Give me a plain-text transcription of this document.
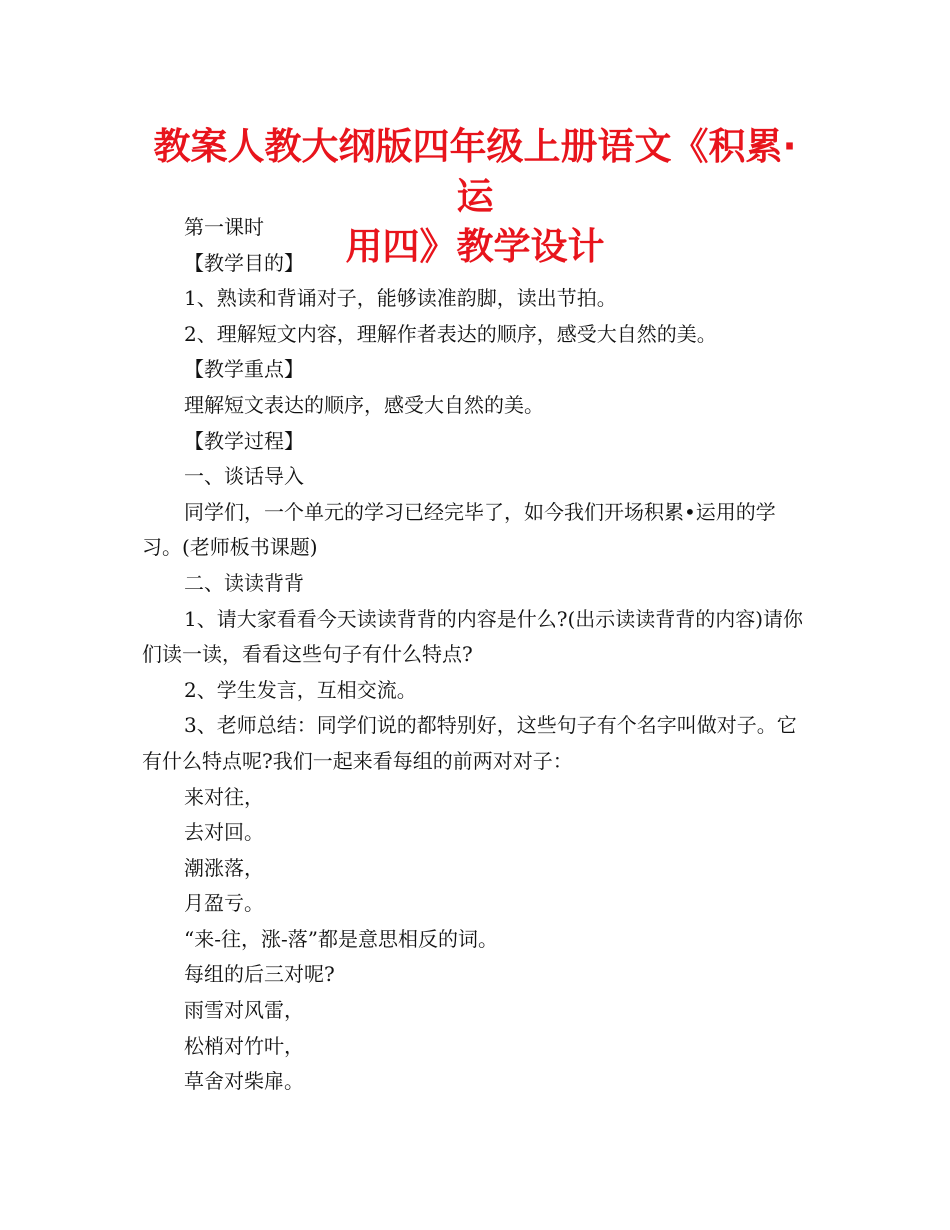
教案人教大纲版四年级上册语文《积累·运
用四》教学设计

第一课时

【教学目的】

1、熟读和背诵对子，能够读准韵脚，读出节拍。

2、理解短文内容，理解作者表达的顺序，感受大自然的美。

【教学重点】

理解短文表达的顺序，感受大自然的美。

【教学过程】

一、谈话导入

同学们，一个单元的学习已经完毕了，如今我们开场积累•运用的学习。(老师板书课题)

二、读读背背

1、请大家看看今天读读背背的内容是什么?(出示读读背背的内容)请你们读一读，看看这些句子有什么特点?

2、学生发言，互相交流。

3、老师总结：同学们说的都特别好，这些句子有个名字叫做对子。它有什么特点呢?我们一起来看每组的前两对对子：

来对往，

去对回。

潮涨落，

月盈亏。

“来-往，涨-落”都是意思相反的词。

每组的后三对呢?

雨雪对风雷，

松梢对竹叶，

草舍对柴扉。
